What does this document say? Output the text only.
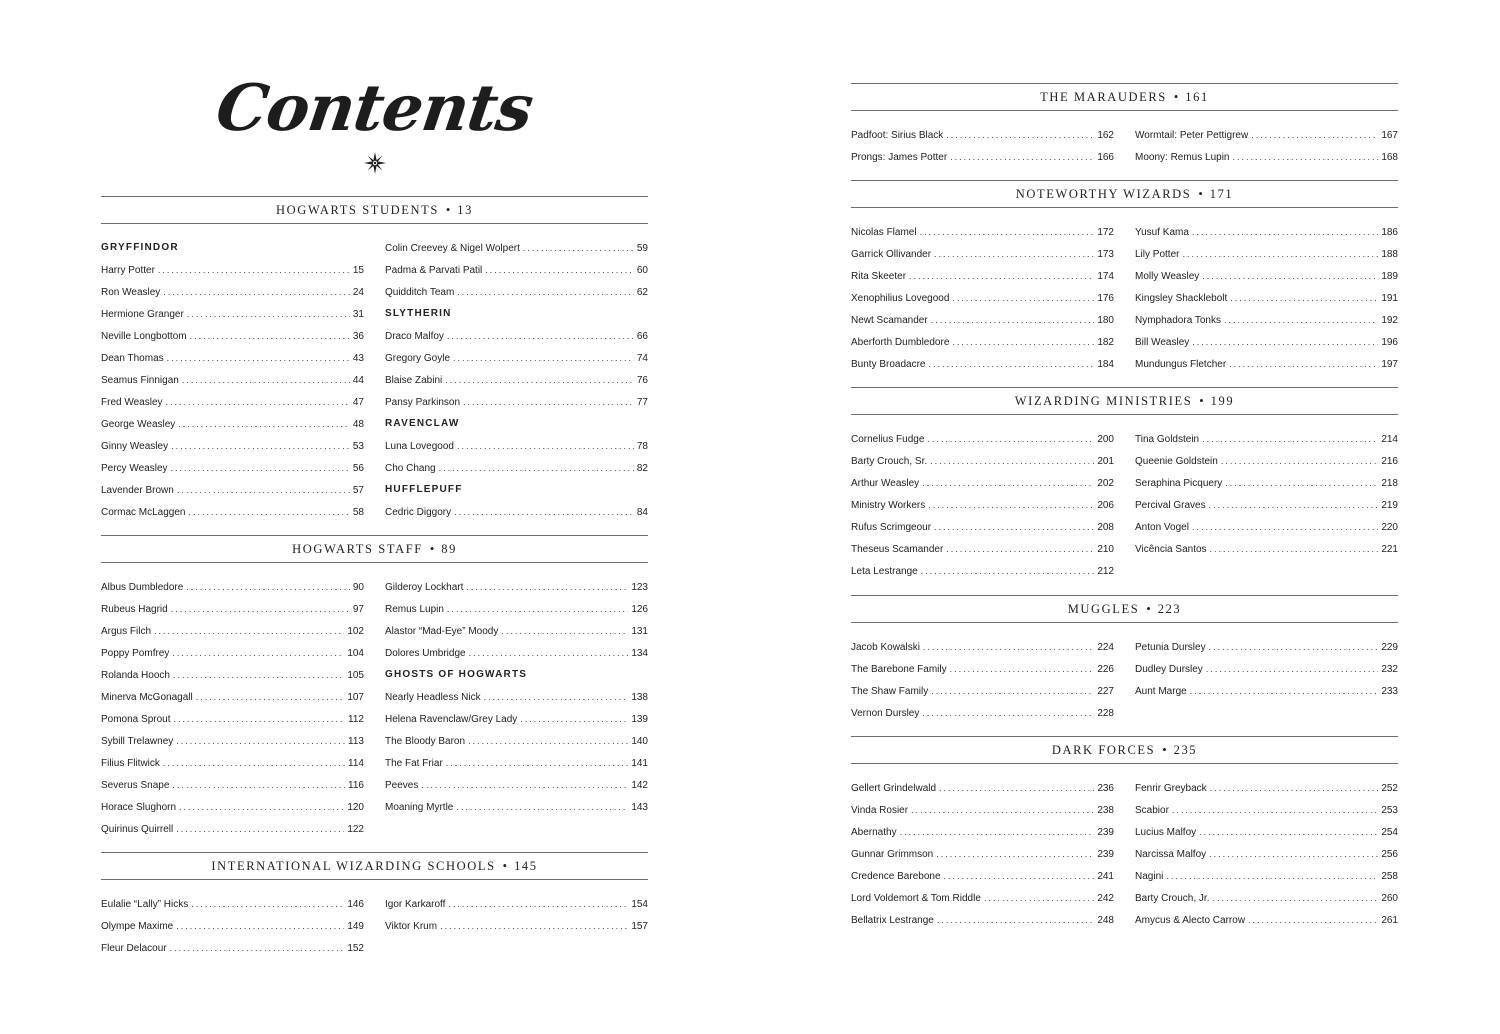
Contents
HOGWARTS STUDENTS • 13
GRYFFINDOR
Harry Potter .....	15
Ron Weasley .....	24
Hermione Granger .....	31
Neville Longbottom .....	36
Dean Thomas .....	43
Seamus Finnigan .....	44
Fred Weasley .....	47
George Weasley .....	48
Ginny Weasley .....	53
Percy Weasley .....	56
Lavender Brown .....	57
Cormac McLaggen .....	58
Colin Creevey & Nigel Wolpert .....	59
Padma & Parvati Patil .....	60
Quidditch Team .....	62
SLYTHERIN
Draco Malfoy .....	66
Gregory Goyle .....	74
Blaise Zabini .....	76
Pansy Parkinson .....	77
RAVENCLAW
Luna Lovegood .....	78
Cho Chang .....	82
HUFFLEPUFF
Cedric Diggory .....	84
HOGWARTS STAFF • 89
Albus Dumbledore .....	90
Rubeus Hagrid .....	97
Argus Filch .....	102
Poppy Pomfrey .....	104
Rolanda Hooch .....	105
Minerva McGonagall .....	107
Pomona Sprout .....	112
Sybill Trelawney .....	113
Filius Flitwick .....	114
Severus Snape .....	116
Horace Slughorn .....	120
Quirinus Quirrell .....	122
Gilderoy Lockhart .....	123
Remus Lupin .....	126
Alastor “Mad-Eye” Moody .....	131
Dolores Umbridge .....	134
GHOSTS OF HOGWARTS
Nearly Headless Nick .....	138
Helena Ravenclaw/Grey Lady .....	139
The Bloody Baron .....	140
The Fat Friar .....	141
Peeves .....	142
Moaning Myrtle .....	143
INTERNATIONAL WIZARDING SCHOOLS • 145
Eulalie “Lally” Hicks .....	146
Olympe Maxime .....	149
Fleur Delacour .....	152
Igor Karkaroff .....	154
Viktor Krum .....	157
THE MARAUDERS • 161
Padfoot: Sirius Black .....	162
Prongs: James Potter .....	166
Wormtail: Peter Pettigrew .....	167
Moony: Remus Lupin .....	168
NOTEWORTHY WIZARDS • 171
Nicolas Flamel .....	172
Garrick Ollivander .....	173
Rita Skeeter .....	174
Xenophilius Lovegood .....	176
Newt Scamander .....	180
Aberforth Dumbledore .....	182
Bunty Broadacre .....	184
Yusuf Kama .....	186
Lily Potter .....	188
Molly Weasley .....	189
Kingsley Shacklebolt .....	191
Nymphadora Tonks .....	192
Bill Weasley .....	196
Mundungus Fletcher .....	197
WIZARDING MINISTRIES • 199
Cornelius Fudge .....	200
Barty Crouch, Sr. .....	201
Arthur Weasley .....	202
Ministry Workers .....	206
Rufus Scrimgeour .....	208
Theseus Scamander .....	210
Leta Lestrange .....	212
Tina Goldstein .....	214
Queenie Goldstein .....	216
Seraphina Picquery .....	218
Percival Graves .....	219
Anton Vogel .....	220
Vicência Santos .....	221
MUGGLES • 223
Jacob Kowalski .....	224
The Barebone Family .....	226
The Shaw Family .....	227
Vernon Dursley .....	228
Petunia Dursley .....	229
Dudley Dursley .....	232
Aunt Marge .....	233
DARK FORCES • 235
Gellert Grindelwald .....	236
Vinda Rosier .....	238
Abernathy .....	239
Gunnar Grimmson .....	239
Credence Barebone .....	241
Lord Voldemort & Tom Riddle .....	242
Bellatrix Lestrange .....	248
Fenrir Greyback .....	252
Scabior .....	253
Lucius Malfoy .....	254
Narcissa Malfoy .....	256
Nagini .....	258
Barty Crouch, Jr. .....	260
Amycus & Alecto Carrow .....	261
